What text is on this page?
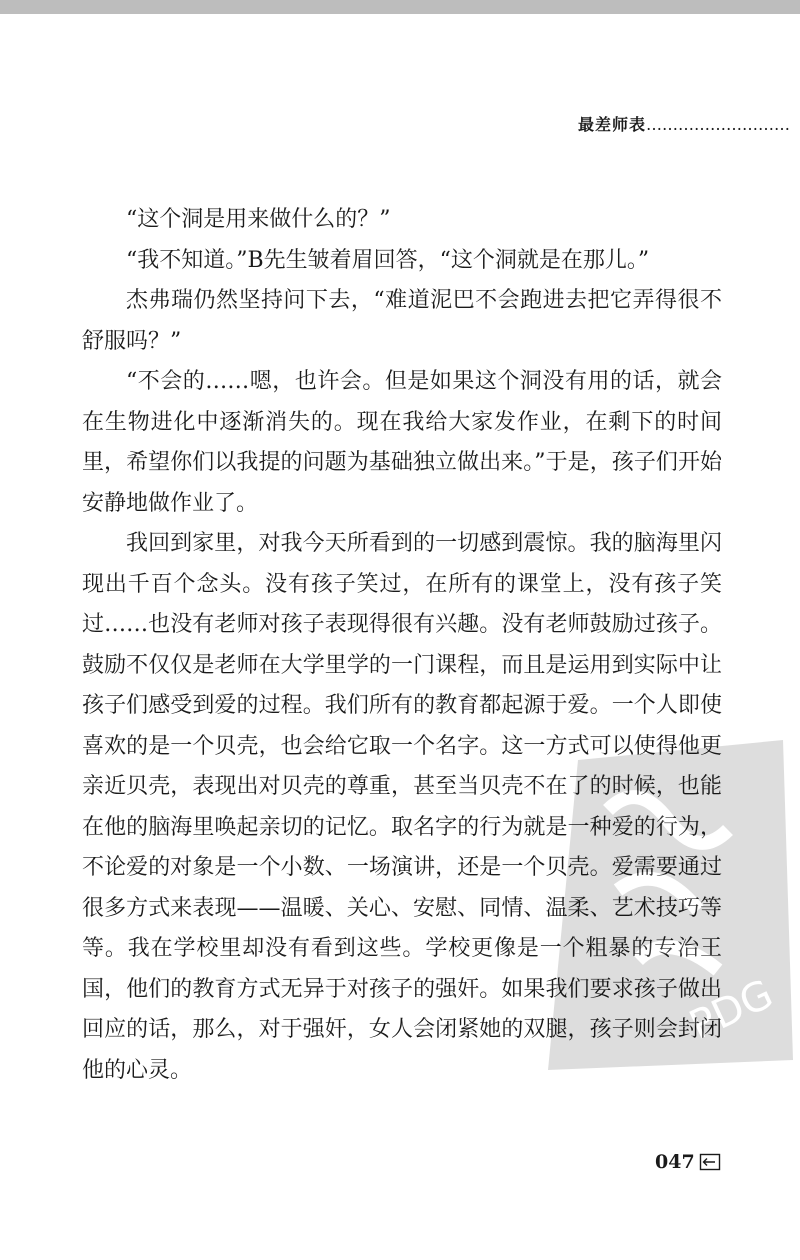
最差师表………………………

“这个洞是用来做什么的？”

“我不知道。”B先生皱着眉回答，“这个洞就是在那儿。”

杰弗瑞仍然坚持问下去，“难道泥巴不会跑进去把它弄得很不舒服吗？”

“不会的……嗯，也许会。但是如果这个洞没有用的话，就会在生物进化中逐渐消失的。现在我给大家发作业，在剩下的时间里，希望你们以我提的问题为基础独立做出来。”于是，孩子们开始安静地做作业了。

我回到家里，对我今天所看到的一切感到震惊。我的脑海里闪现出千百个念头。没有孩子笑过，在所有的课堂上，没有孩子笑过……也没有老师对孩子表现得很有兴趣。没有老师鼓励过孩子。鼓励不仅仅是老师在大学里学的一门课程，而且是运用到实际中让孩子们感受到爱的过程。我们所有的教育都起源于爱。一个人即使喜欢的是一个贝壳，也会给它取一个名字。这一方式可以使得他更亲近贝壳，表现出对贝壳的尊重，甚至当贝壳不在了的时候，也能在他的脑海里唤起亲切的记忆。取名字的行为就是一种爱的行为，不论爱的对象是一个小数、一场演讲，还是一个贝壳。爱需要通过很多方式来表现——温暖、关心、安慰、同情、温柔、艺术技巧等等。我在学校里却没有看到这些。学校更像是一个粗暴的专治王国，他们的教育方式无异于对孩子的强奸。如果我们要求孩子做出回应的话，那么，对于强奸，女人会闭紧她的双腿，孩子则会封闭他的心灵。

PDG
047
